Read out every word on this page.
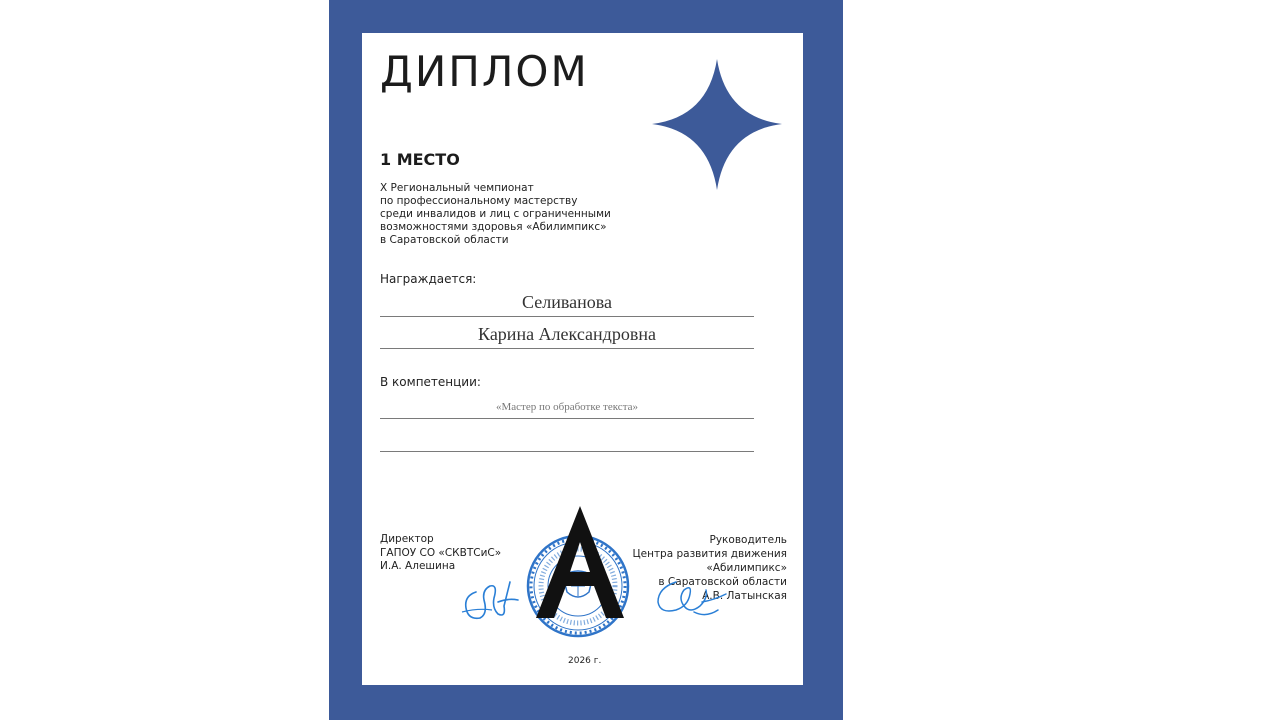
ДИПЛОМ
1 МЕСТО
X Региональный чемпионат
по профессиональному мастерству
среди инвалидов и лиц с ограниченными
возможностями здоровья «Абилимпикс»
в Саратовской области
Награждается:
Селиванова
Карина Александровна
В компетенции:
«Мастер по обработке текста»
Директор
ГАПОУ СО «СКВТСиС»
И.А. Алешина
Руководитель
Центра развития движения
«Абилимпикс»
в Саратовской области
А.В. Латынская
2026 г.
